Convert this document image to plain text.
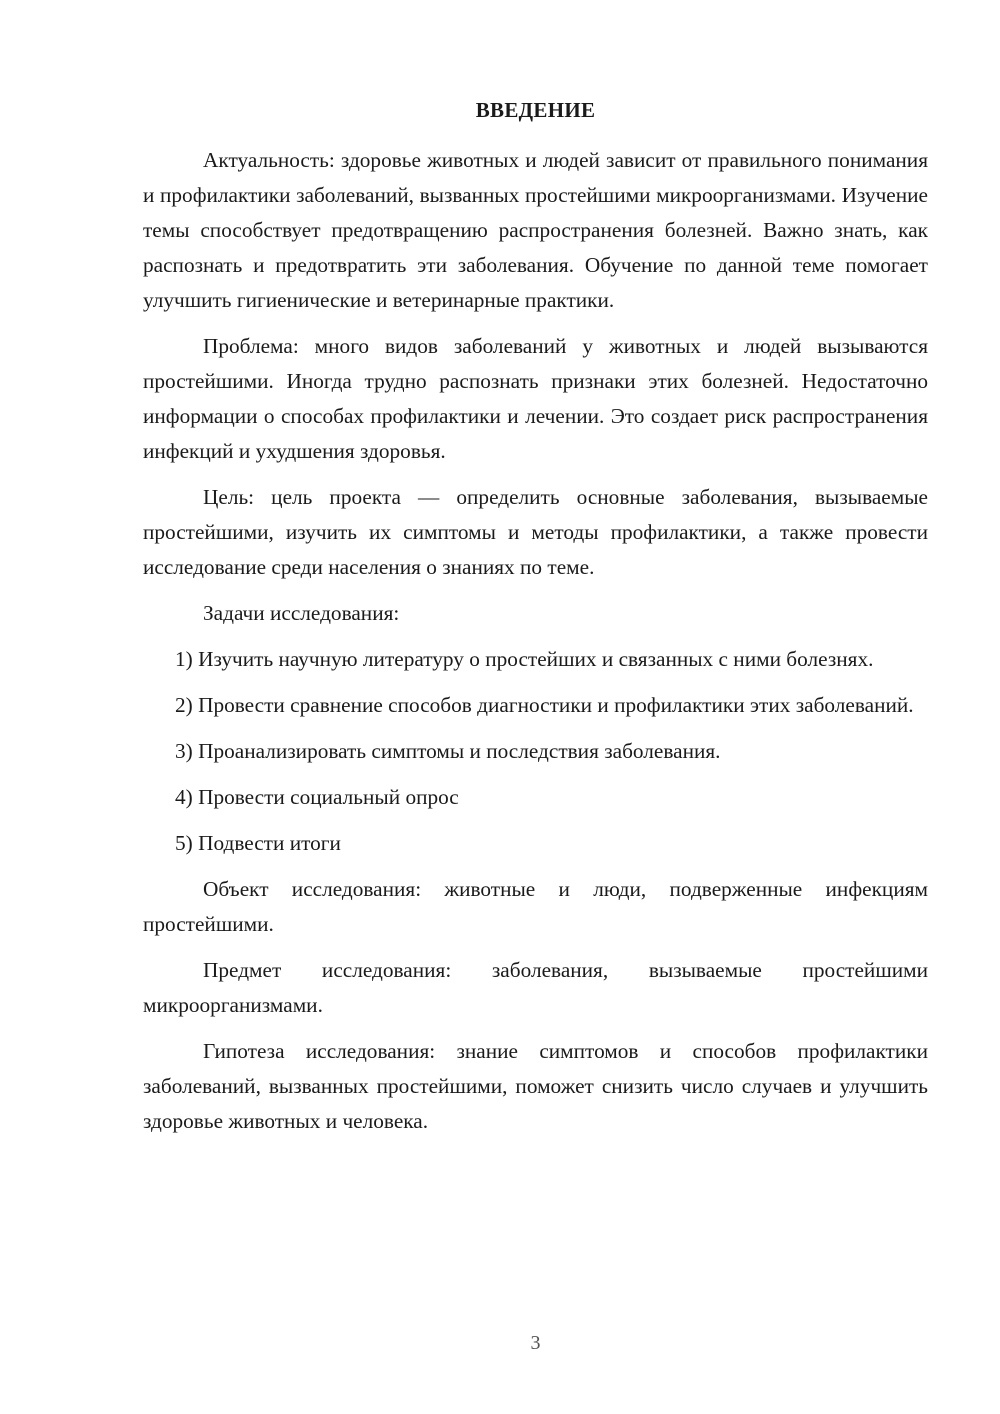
ВВЕДЕНИЕ

Актуальность: здоровье животных и людей зависит от правильного понимания и профилактики заболеваний, вызванных простейшими микроорганизмами. Изучение темы способствует предотвращению распространения болезней. Важно знать, как распознать и предотвратить эти заболевания. Обучение по данной теме помогает улучшить гигиенические и ветеринарные практики.

Проблема: много видов заболеваний у животных и людей вызываются простейшими. Иногда трудно распознать признаки этих болезней. Недостаточно информации о способах профилактики и лечении. Это создает риск распространения инфекций и ухудшения здоровья.

Цель: цель проекта — определить основные заболевания, вызываемые простейшими, изучить их симптомы и методы профилактики, а также провести исследование среди населения о знаниях по теме.

Задачи исследования:

1) Изучить научную литературу о простейших и связанных с ними болезнях.

2) Провести сравнение способов диагностики и профилактики этих заболеваний.

3) Проанализировать симптомы и последствия заболевания.

4) Провести социальный опрос

5) Подвести итоги

Объект исследования: животные и люди, подверженные инфекциям простейшими.

Предмет исследования: заболевания, вызываемые простейшими микроорганизмами.

Гипотеза исследования: знание симптомов и способов профилактики заболеваний, вызванных простейшими, поможет снизить число случаев и улучшить здоровье животных и человека.

3
